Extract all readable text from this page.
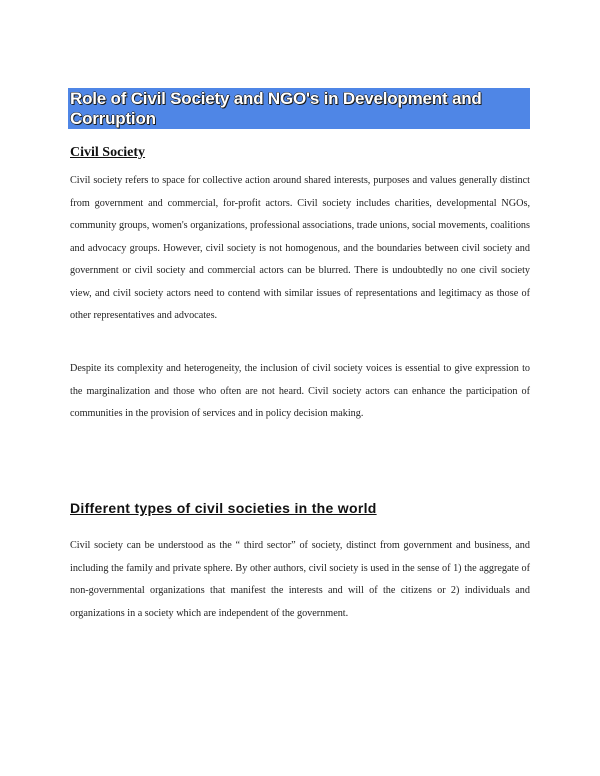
Role of Civil Society and NGO's in Development and Corruption
Civil Society
Civil society refers to space for collective action around shared interests, purposes and values generally distinct from government and commercial, for-profit actors. Civil society includes charities, developmental NGOs, community groups, women's organizations, professional associations, trade unions, social movements, coalitions and advocacy groups. However, civil society is not homogenous, and the boundaries between civil society and government or civil society and commercial actors can be blurred. There is undoubtedly no one civil society view, and civil society actors need to contend with similar issues of representations and legitimacy as those of other representatives and advocates.
Despite its complexity and heterogeneity, the inclusion of civil society voices is essential to give expression to the marginalization and those who often are not heard. Civil society actors can enhance the participation of communities in the provision of services and in policy decision making.
Different types of civil societies in the world
Civil society can be understood as the “ third sector” of society, distinct from government and business, and including the family and private sphere. By other authors, civil society is used in the sense of 1) the aggregate of non-governmental organizations that manifest the interests and will of the citizens or 2) individuals and organizations in a society which are independent of the government.
